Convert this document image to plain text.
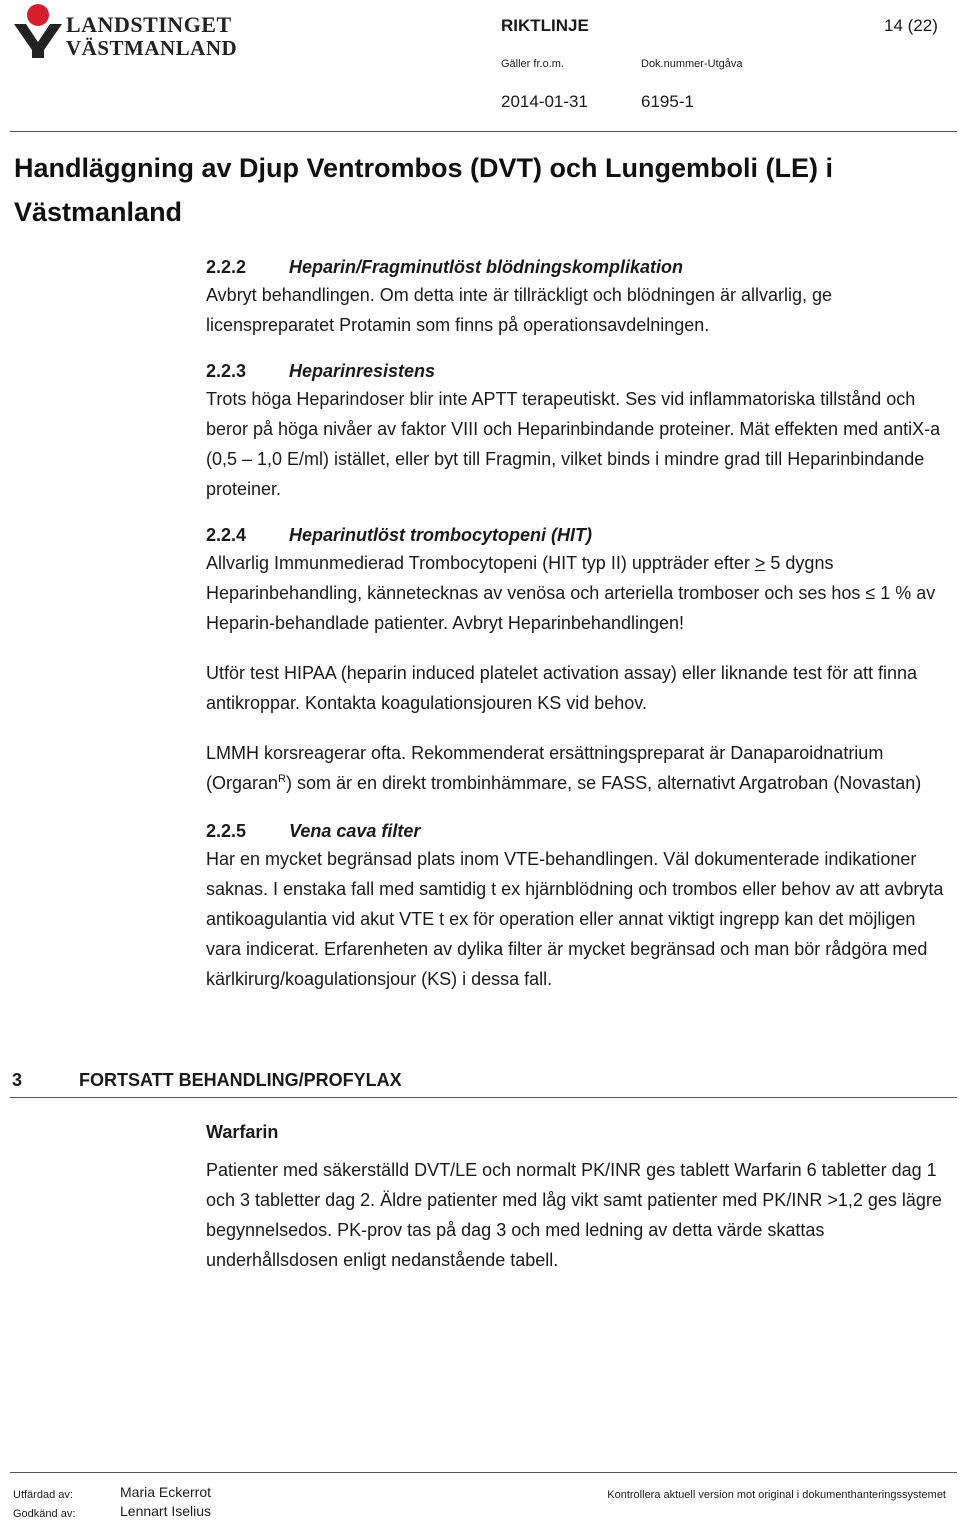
LANDSTINGET
VÄSTMANLAND
RIKTLINJE	14 (22)
Gäller fr.o.m.	Dok.nummer-Utgåva
2014-01-31	6195-1
Handläggning av Djup Ventrombos (DVT) och Lungemboli (LE) i Västmanland
2.2.2 Heparin/Fragminutlöst blödningskomplikation

Avbryt behandlingen. Om detta inte är tillräckligt och blödningen är allvarlig, ge licenspreparatet Protamin som finns på operationsavdelningen.

2.2.3 Heparinresistens

Trots höga Heparindoser blir inte APTT terapeutiskt. Ses vid inflammatoriska tillstånd och beror på höga nivåer av faktor VIII och Heparinbindande proteiner. Mät effekten med antiX-a (0,5 – 1,0 E/ml) istället, eller byt till Fragmin, vilket binds i mindre grad till Heparinbindande proteiner.

2.2.4 Heparinutlöst trombocytopeni (HIT)

Allvarlig Immunmedierad Trombocytopeni (HIT typ II) uppträder efter ≥ 5 dygns Heparinbehandling, kännetecknas av venösa och arteriella tromboser och ses hos ≤ 1 % av Heparin-behandlade patienter. Avbryt Heparinbehandlingen!

Utför test HIPAA (heparin induced platelet activation assay) eller liknande test för att finna antikroppar. Kontakta koagulationsjouren KS vid behov.

LMMH korsreagerar ofta. Rekommenderat ersättningspreparat är Danaparoidnatrium (Orgaran$^R$) som är en direkt trombinhämmare, se FASS, alternativt Argatroban (Novastan)

2.2.5 Vena cava filter

Har en mycket begränsad plats inom VTE-behandlingen. Väl dokumenterade indikationer saknas. I enstaka fall med samtidig t ex hjärnblödning och trombos eller behov av att avbryta antikoagulantia vid akut VTE t ex för operation eller annat viktigt ingrepp kan det möjligen vara indicerat. Erfarenheten av dylika filter är mycket begränsad och man bör rådgöra med kärlkirurg/koagulationsjour (KS) i dessa fall.

3	FORTSATT BEHANDLING/PROFYLAX
Warfarin

Patienter med säkerställd DVT/LE och normalt PK/INR ges tablett Warfarin 6 tabletter dag 1 och 3 tabletter dag 2. Äldre patienter med låg vikt samt patienter med PK/INR >1,2 ges lägre begynnelsedos. PK-prov tas på dag 3 och med ledning av detta värde skattas underhållsdosen enligt nedanstående tabell.

Utfärdad av:	Maria Eckerrot
Godkänd av:	Lennart Iselius
Kontrollera aktuell version mot original i dokumenthanteringssystemet
